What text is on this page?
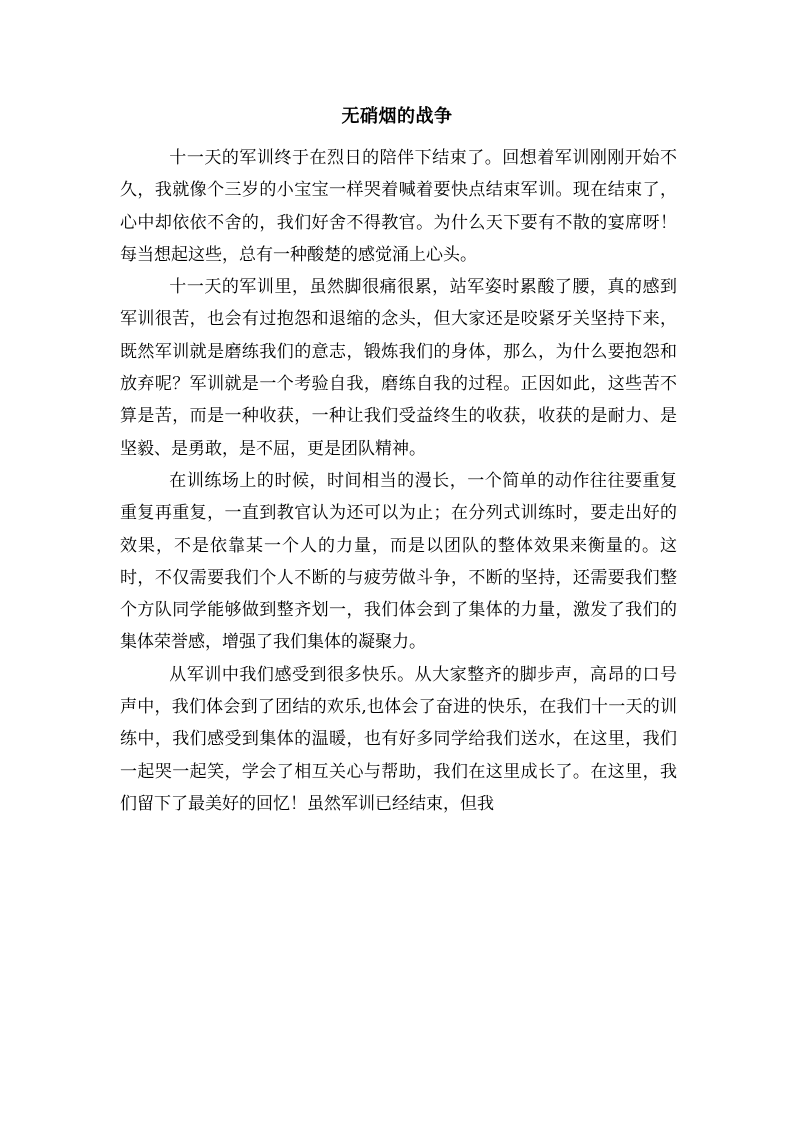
无硝烟的战争

十一天的军训终于在烈日的陪伴下结束了。回想着军训刚刚开始不久，我就像个三岁的小宝宝一样哭着喊着要快点结束军训。现在结束了，心中却依依不舍的，我们好舍不得教官。为什么天下要有不散的宴席呀！每当想起这些，总有一种酸楚的感觉涌上心头。

十一天的军训里，虽然脚很痛很累，站军姿时累酸了腰，真的感到军训很苦，也会有过抱怨和退缩的念头，但大家还是咬紧牙关坚持下来，既然军训就是磨练我们的意志，锻炼我们的身体，那么，为什么要抱怨和放弃呢？军训就是一个考验自我，磨练自我的过程。正因如此，这些苦不算是苦，而是一种收获，一种让我们受益终生的收获，收获的是耐力、是坚毅、是勇敢，是不屈，更是团队精神。

在训练场上的时候，时间相当的漫长，一个简单的动作往往要重复重复再重复，一直到教官认为还可以为止；在分列式训练时，要走出好的效果，不是依靠某一个人的力量，而是以团队的整体效果来衡量的。这时，不仅需要我们个人不断的与疲劳做斗争，不断的坚持，还需要我们整个方队同学能够做到整齐划一，我们体会到了集体的力量，激发了我们的集体荣誉感，增强了我们集体的凝聚力。

从军训中我们感受到很多快乐。从大家整齐的脚步声，高昂的口号声中，我们体会到了团结的欢乐,也体会了奋进的快乐，在我们十一天的训练中，我们感受到集体的温暖，也有好多同学给我们送水，在这里，我们一起哭一起笑，学会了相互关心与帮助，我们在这里成长了。在这里，我们留下了最美好的回忆！虽然军训已经结束，但我
